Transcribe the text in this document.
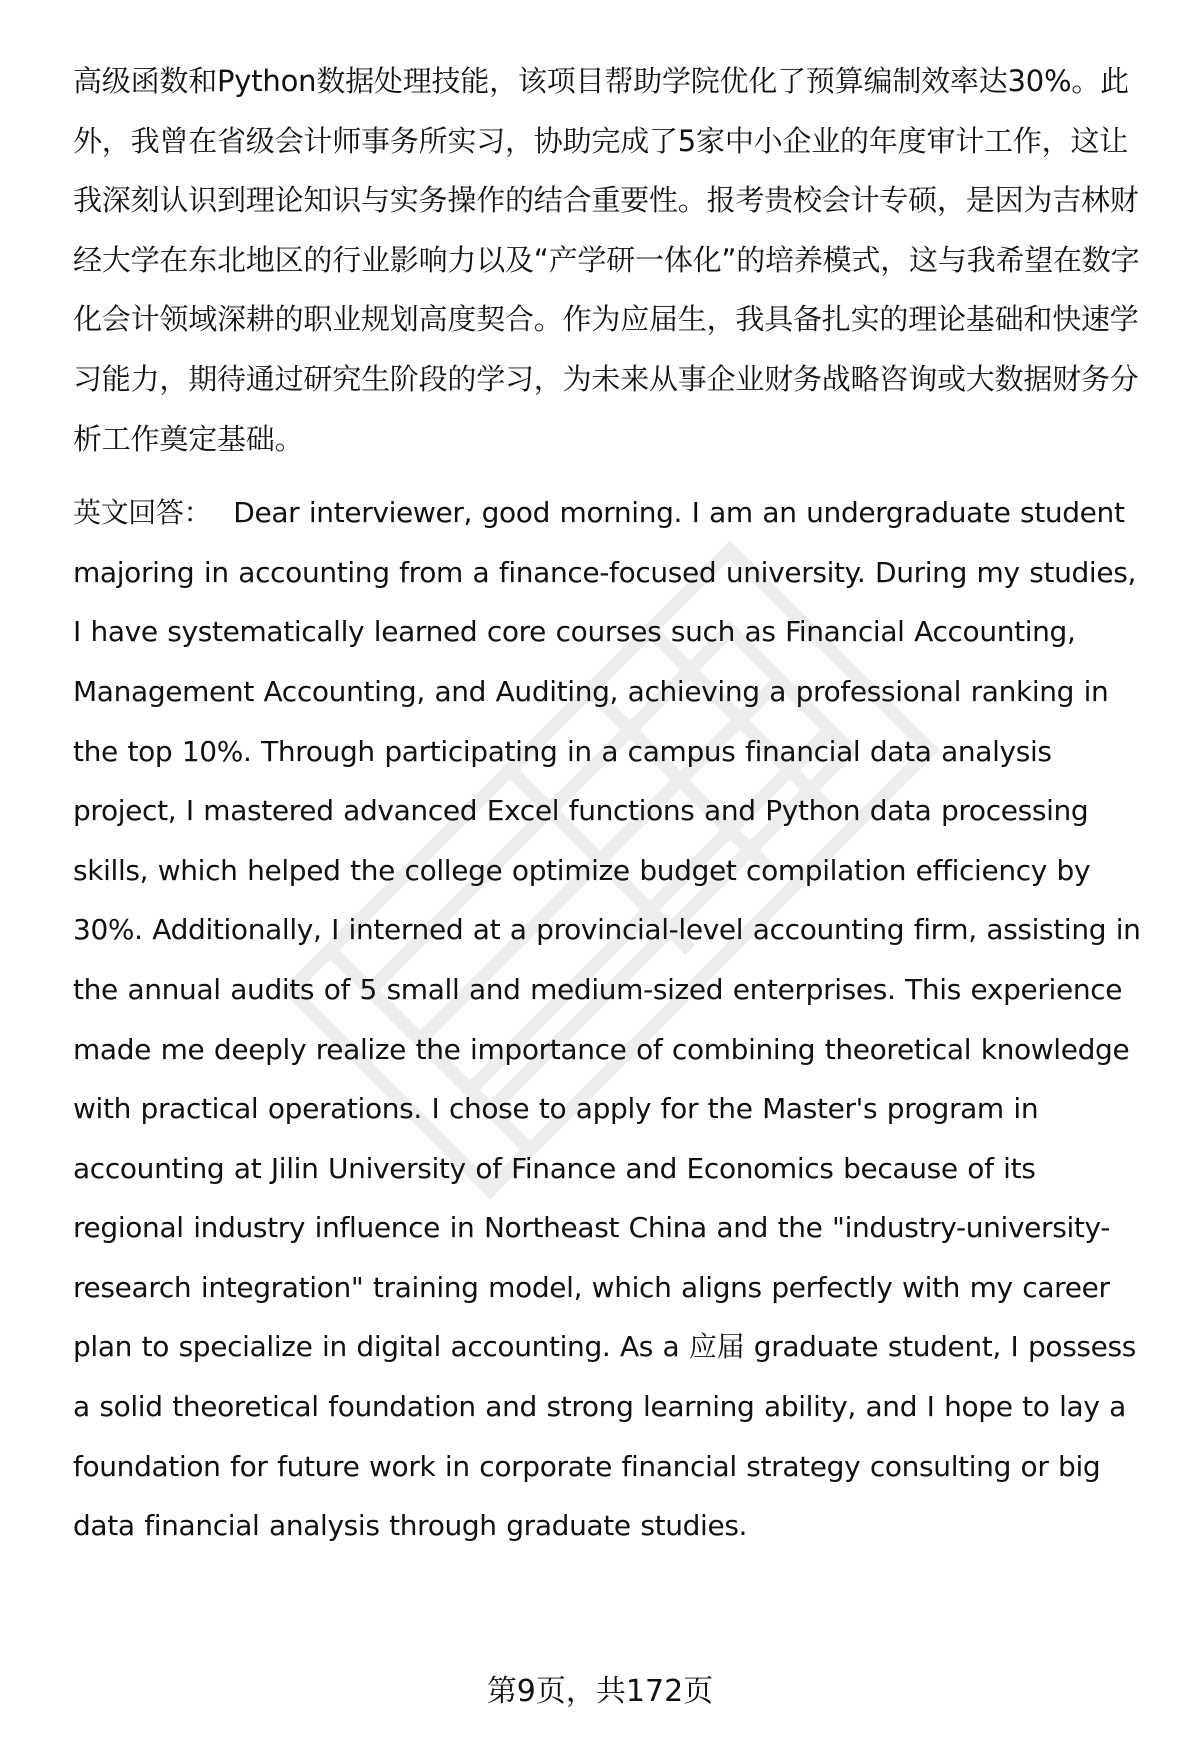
高级函数和Python数据处理技能，该项目帮助学院优化了预算编制效率达30%。此外，我曾在省级会计师事务所实习，协助完成了5家中小企业的年度审计工作，这让我深刻认识到理论知识与实务操作的结合重要性。报考贵校会计专硕，是因为吉林财经大学在东北地区的行业影响力以及“产学研一体化”的培养模式，这与我希望在数字化会计领域深耕的职业规划高度契合。作为应届生，我具备扎实的理论基础和快速学习能力，期待通过研究生阶段的学习，为未来从事企业财务战略咨询或大数据财务分析工作奠定基础。

英文回答： Dear interviewer, good morning. I am an undergraduate student majoring in accounting from a finance-focused university. During my studies, I have systematically learned core courses such as Financial Accounting, Management Accounting, and Auditing, achieving a professional ranking in the top 10%. Through participating in a campus financial data analysis project, I mastered advanced Excel functions and Python data processing skills, which helped the college optimize budget compilation efficiency by 30%. Additionally, I interned at a provincial-level accounting firm, assisting in the annual audits of 5 small and medium-sized enterprises. This experience made me deeply realize the importance of combining theoretical knowledge with practical operations. I chose to apply for the Master's program in accounting at Jilin University of Finance and Economics because of its regional industry influence in Northeast China and the "industry-university-research integration" training model, which aligns perfectly with my career plan to specialize in digital accounting. As a 应届 graduate student, I possess a solid theoretical foundation and strong learning ability, and I hope to lay a foundation for future work in corporate financial strategy consulting or big data financial analysis through graduate studies.

第9页，共172页
